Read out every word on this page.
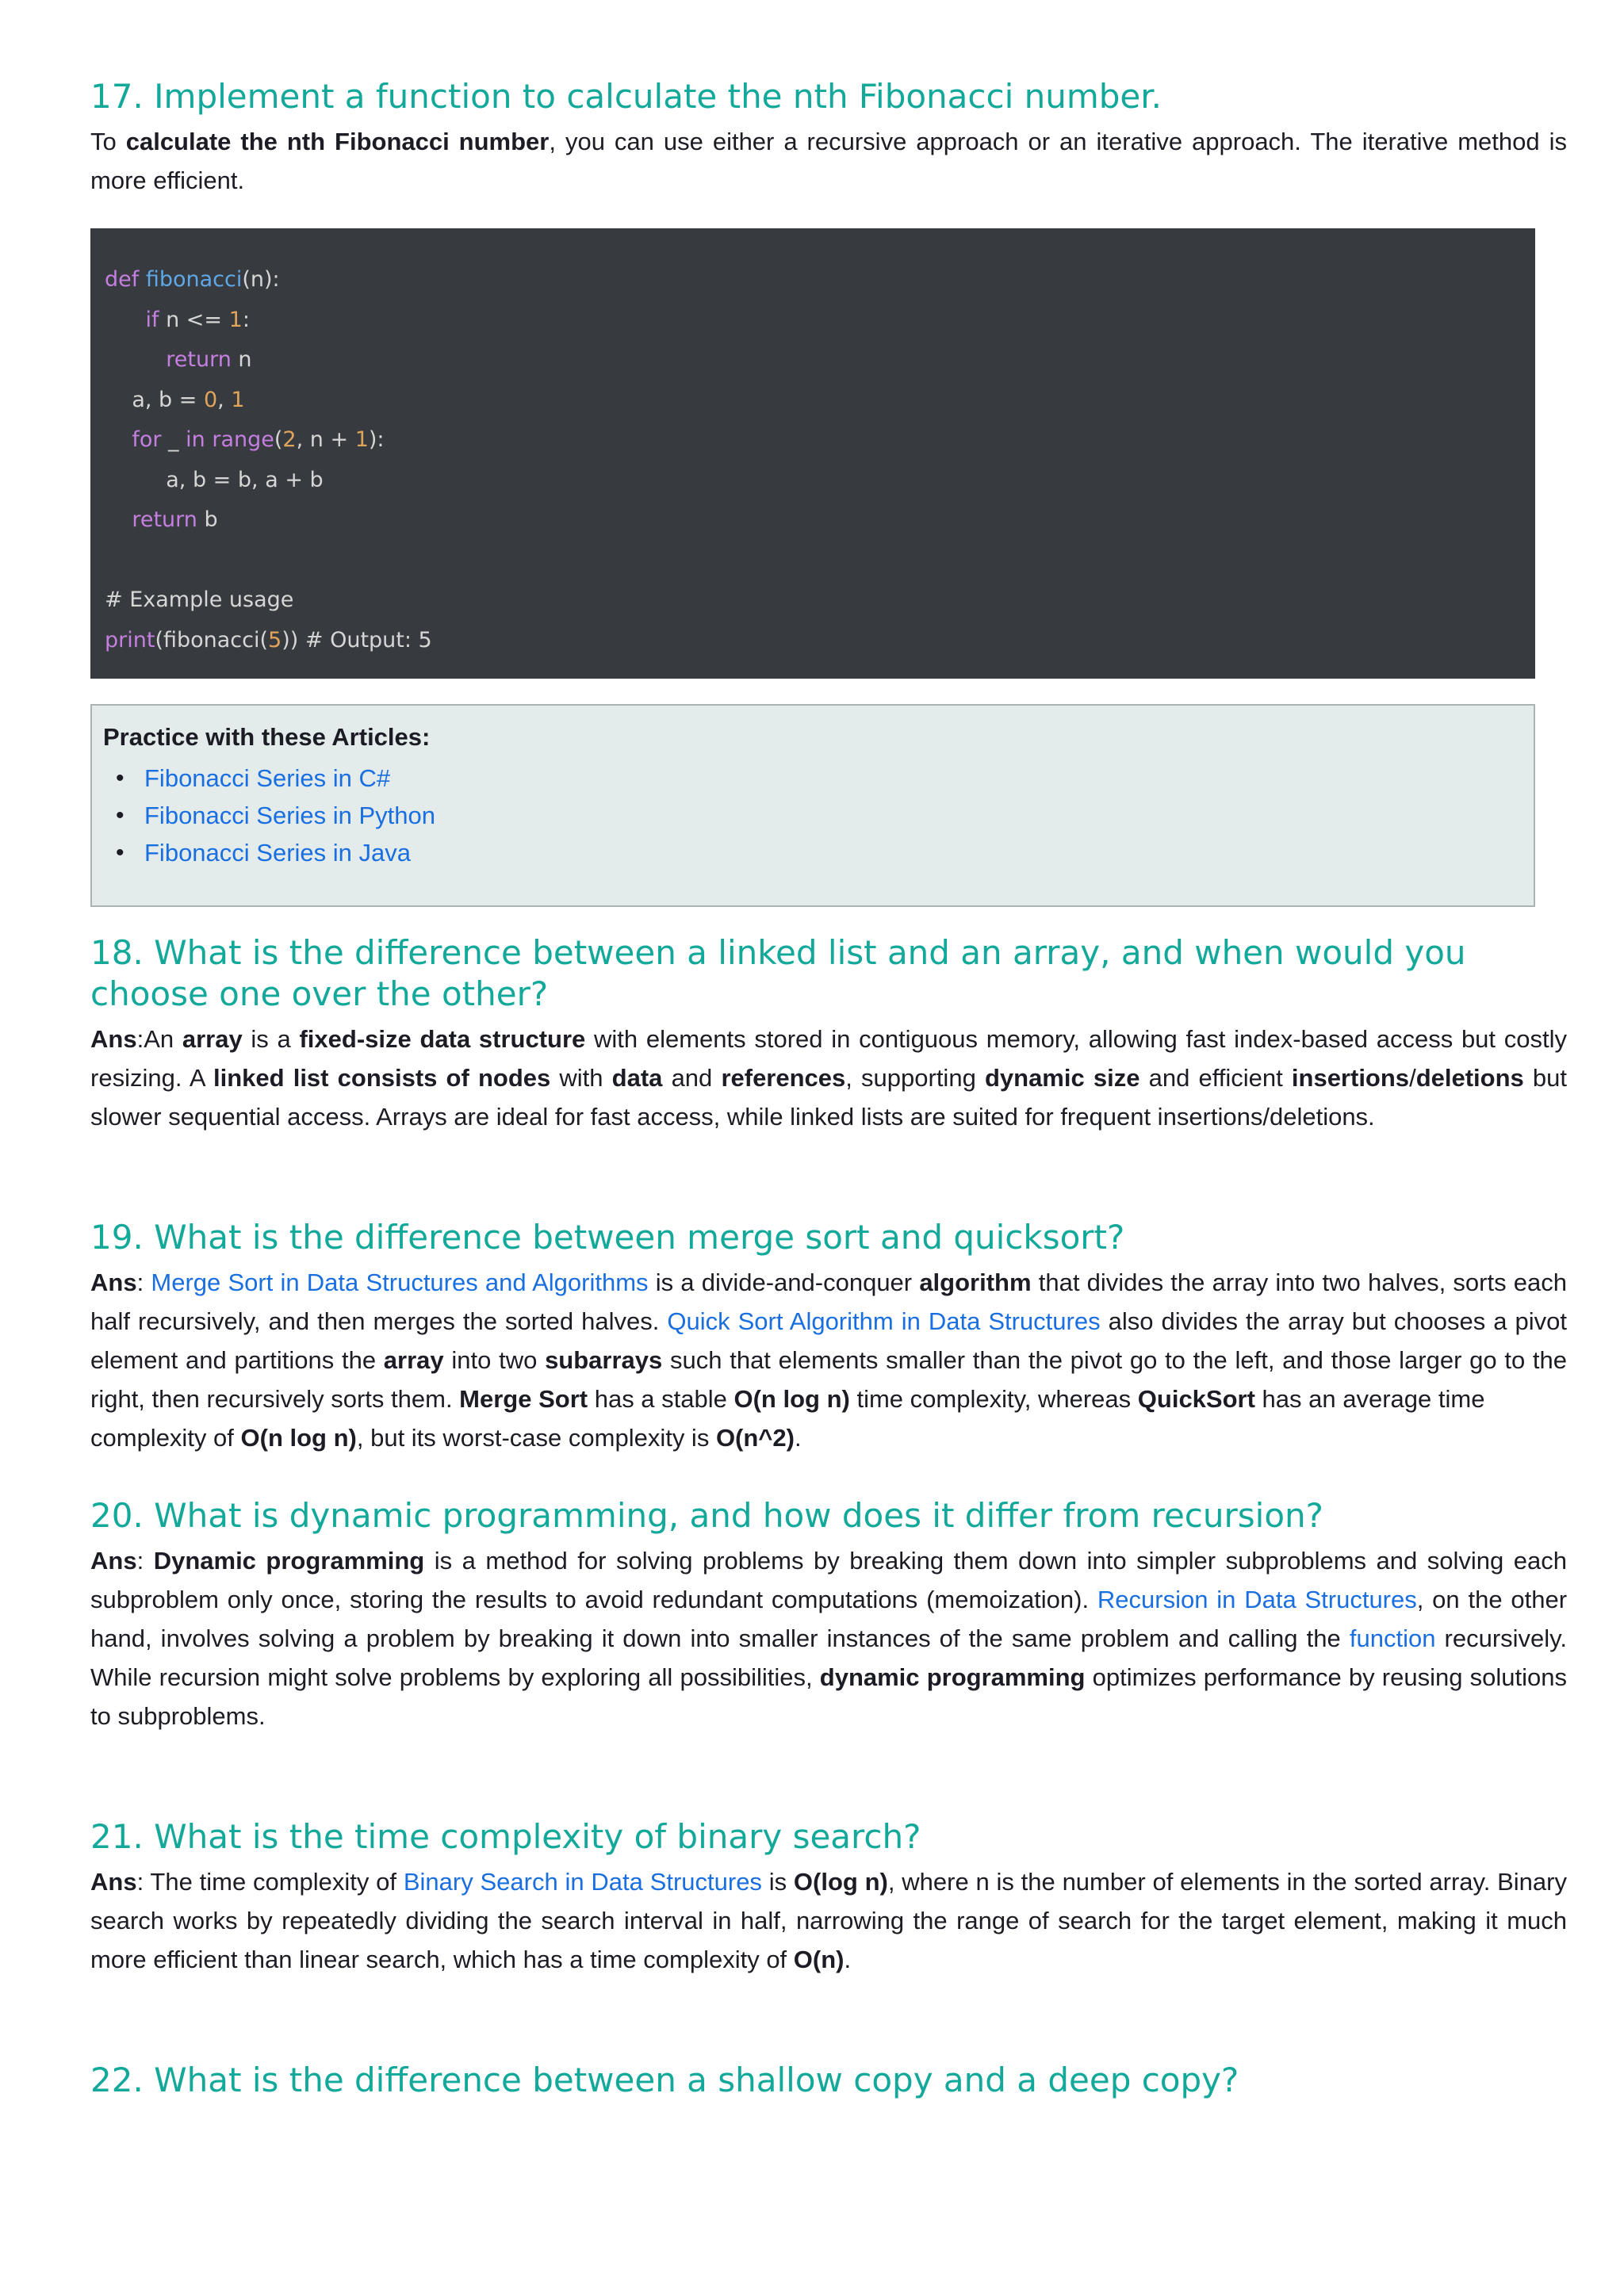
17. Implement a function to calculate the nth Fibonacci number.

To calculate the nth Fibonacci number, you can use either a recursive approach or an iterative approach. The iterative method is more efficient.

def fibonacci(n):
if n <= 1:
return n
a, b = 0, 1
for _ in range(2, n + 1):
a, b = b, a + b
return b
# Example usage
print(fibonacci(5)) # Output: 5
Practice with these Articles:
• Fibonacci Series in C#
• Fibonacci Series in Python
• Fibonacci Series in Java
18. What is the difference between a linked list and an array, and when would you choose one over the other?

Ans:An array is a fixed-size data structure with elements stored in contiguous memory, allowing fast index-based access but costly resizing. A linked list consists of nodes with data and references, supporting dynamic size and efficient insertions/deletions but slower sequential access. Arrays are ideal for fast access, while linked lists are suited for frequent insertions/deletions.

19. What is the difference between merge sort and quicksort?

Ans: Merge Sort in Data Structures and Algorithms is a divide-and-conquer algorithm that divides the array into two halves, sorts each half recursively, and then merges the sorted halves. Quick Sort Algorithm in Data Structures also divides the array but chooses a pivot element and partitions the array into two subarrays such that elements smaller than the pivot go to the left, and those larger go to the right, then recursively sorts them. Merge Sort has a stable O(n log n) time complexity, whereas QuickSort has an average time

complexity of O(n log n), but its worst-case complexity is O(n^2).

20. What is dynamic programming, and how does it differ from recursion?

Ans: Dynamic programming is a method for solving problems by breaking them down into simpler subproblems and solving each subproblem only once, storing the results to avoid redundant computations (memoization). Recursion in Data Structures, on the other hand, involves solving a problem by breaking it down into smaller instances of the same problem and calling the function recursively. While recursion might solve problems by exploring all possibilities, dynamic programming optimizes performance by reusing solutions to subproblems.

21. What is the time complexity of binary search?

Ans: The time complexity of Binary Search in Data Structures is O(log n), where n is the number of elements in the sorted array. Binary search works by repeatedly dividing the search interval in half, narrowing the range of search for the target element, making it much more efficient than linear search, which has a time complexity of O(n).

22. What is the difference between a shallow copy and a deep copy?
